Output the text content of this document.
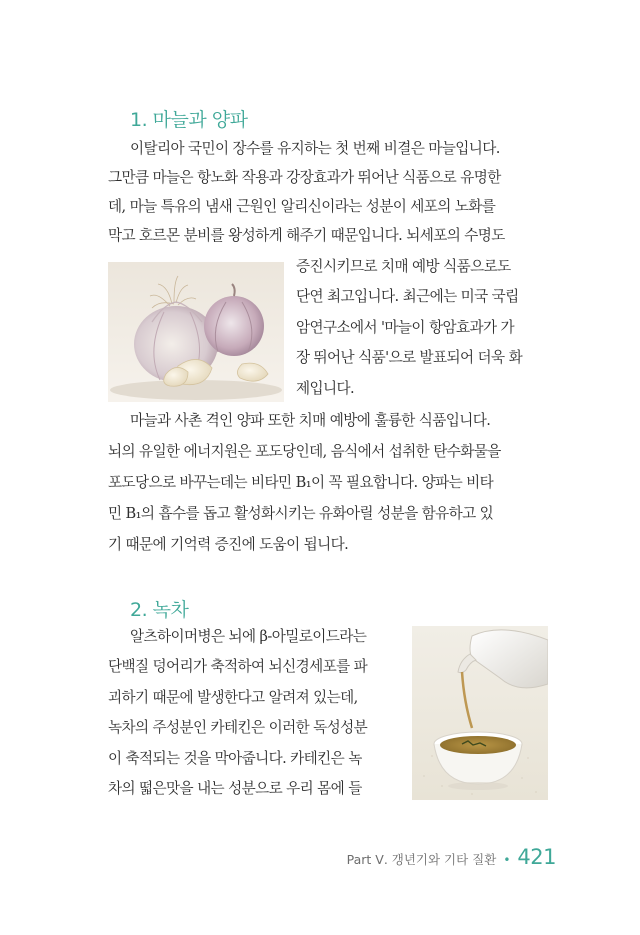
1. 마늘과 양파
이탈리아 국민이 장수를 유지하는 첫 번째 비결은 마늘입니다.
그만큼 마늘은 항노화 작용과 강장효과가 뛰어난 식품으로 유명한
데, 마늘 특유의 냄새 근원인 알리신이라는 성분이 세포의 노화를
막고 호르몬 분비를 왕성하게 해주기 때문입니다. 뇌세포의 수명도
증진시키므로 치매 예방 식품으로도
단연 최고입니다. 최근에는 미국 국립
암연구소에서 '마늘이 항암효과가 가
장 뛰어난 식품'으로 발표되어 더욱 화
제입니다.
마늘과 사촌 격인 양파 또한 치매 예방에 훌륭한 식품입니다.
뇌의 유일한 에너지원은 포도당인데, 음식에서 섭취한 탄수화물을
포도당으로 바꾸는데는 비타민 B₁이 꼭 필요합니다. 양파는 비타
민 B₁의 흡수를 돕고 활성화시키는 유화아릴 성분을 함유하고 있
기 때문에 기억력 증진에 도움이 됩니다.
2. 녹차
알츠하이머병은 뇌에 β-아밀로이드라는
단백질 덩어리가 축적하여 뇌신경세포를 파
괴하기 때문에 발생한다고 알려져 있는데,
녹차의 주성분인 카테킨은 이러한 독성성분
이 축적되는 것을 막아줍니다. 카테킨은 녹
차의 떫은맛을 내는 성분으로 우리 몸에 들
Part Ⅴ. 갱년기와 기타 질환 • 421
